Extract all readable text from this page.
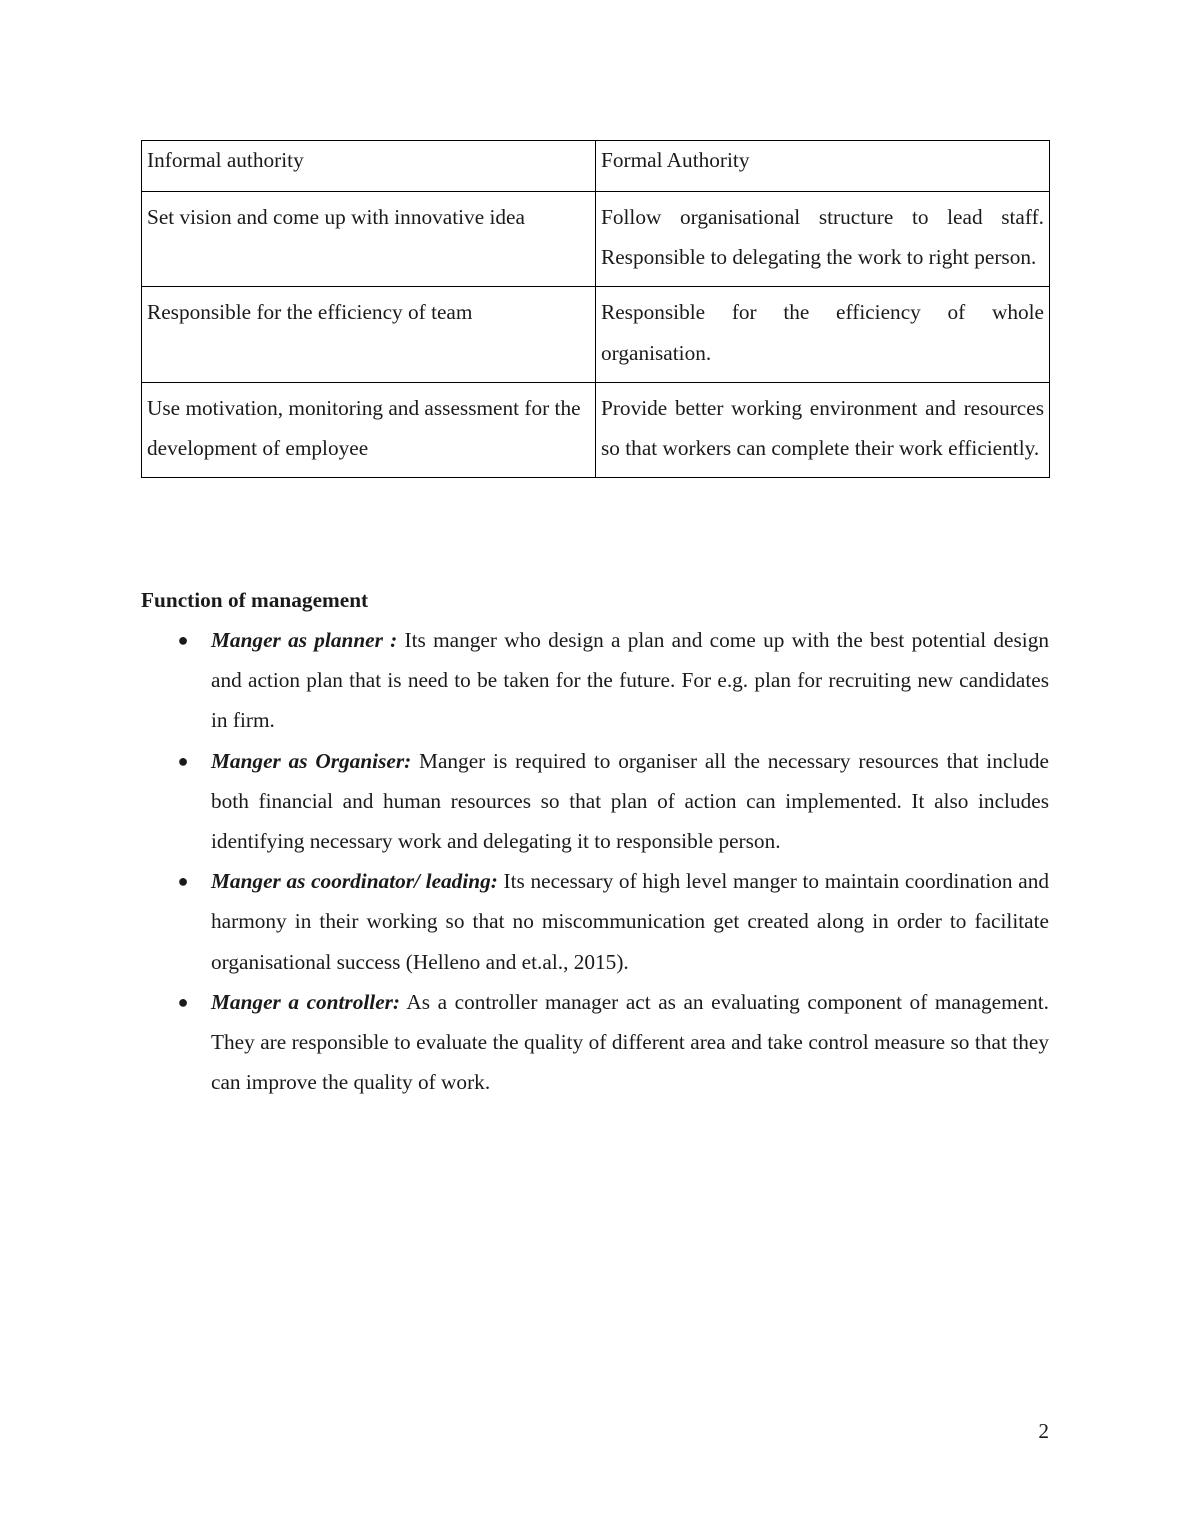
Informal authority	Formal Authority

Set vision and come up with innovative idea	Follow organisational structure to lead staff. Responsible to delegating the work to right person.
Responsible for the efficiency of team	Responsible for the efficiency of whole organisation.
Use motivation, monitoring and assessment for the development of employee	Provide better working environment and resources so that workers can complete their work efficiently.

Function of management

● Manger as planner : Its manger who design a plan and come up with the best potential design and action plan that is need to be taken for the future. For e.g. plan for recruiting new candidates in firm.
● Manger as Organiser: Manger is required to organiser all the necessary resources that include both financial and human resources so that plan of action can implemented. It also includes identifying necessary work and delegating it to responsible person.
● Manger as coordinator/ leading: Its necessary of high level manger to maintain coordination and harmony in their working so that no miscommunication get created along in order to facilitate organisational success (Helleno and et.al., 2015).
● Manger a controller: As a controller manager act as an evaluating component of management. They are responsible to evaluate the quality of different area and take control measure so that they can improve the quality of work.
2
